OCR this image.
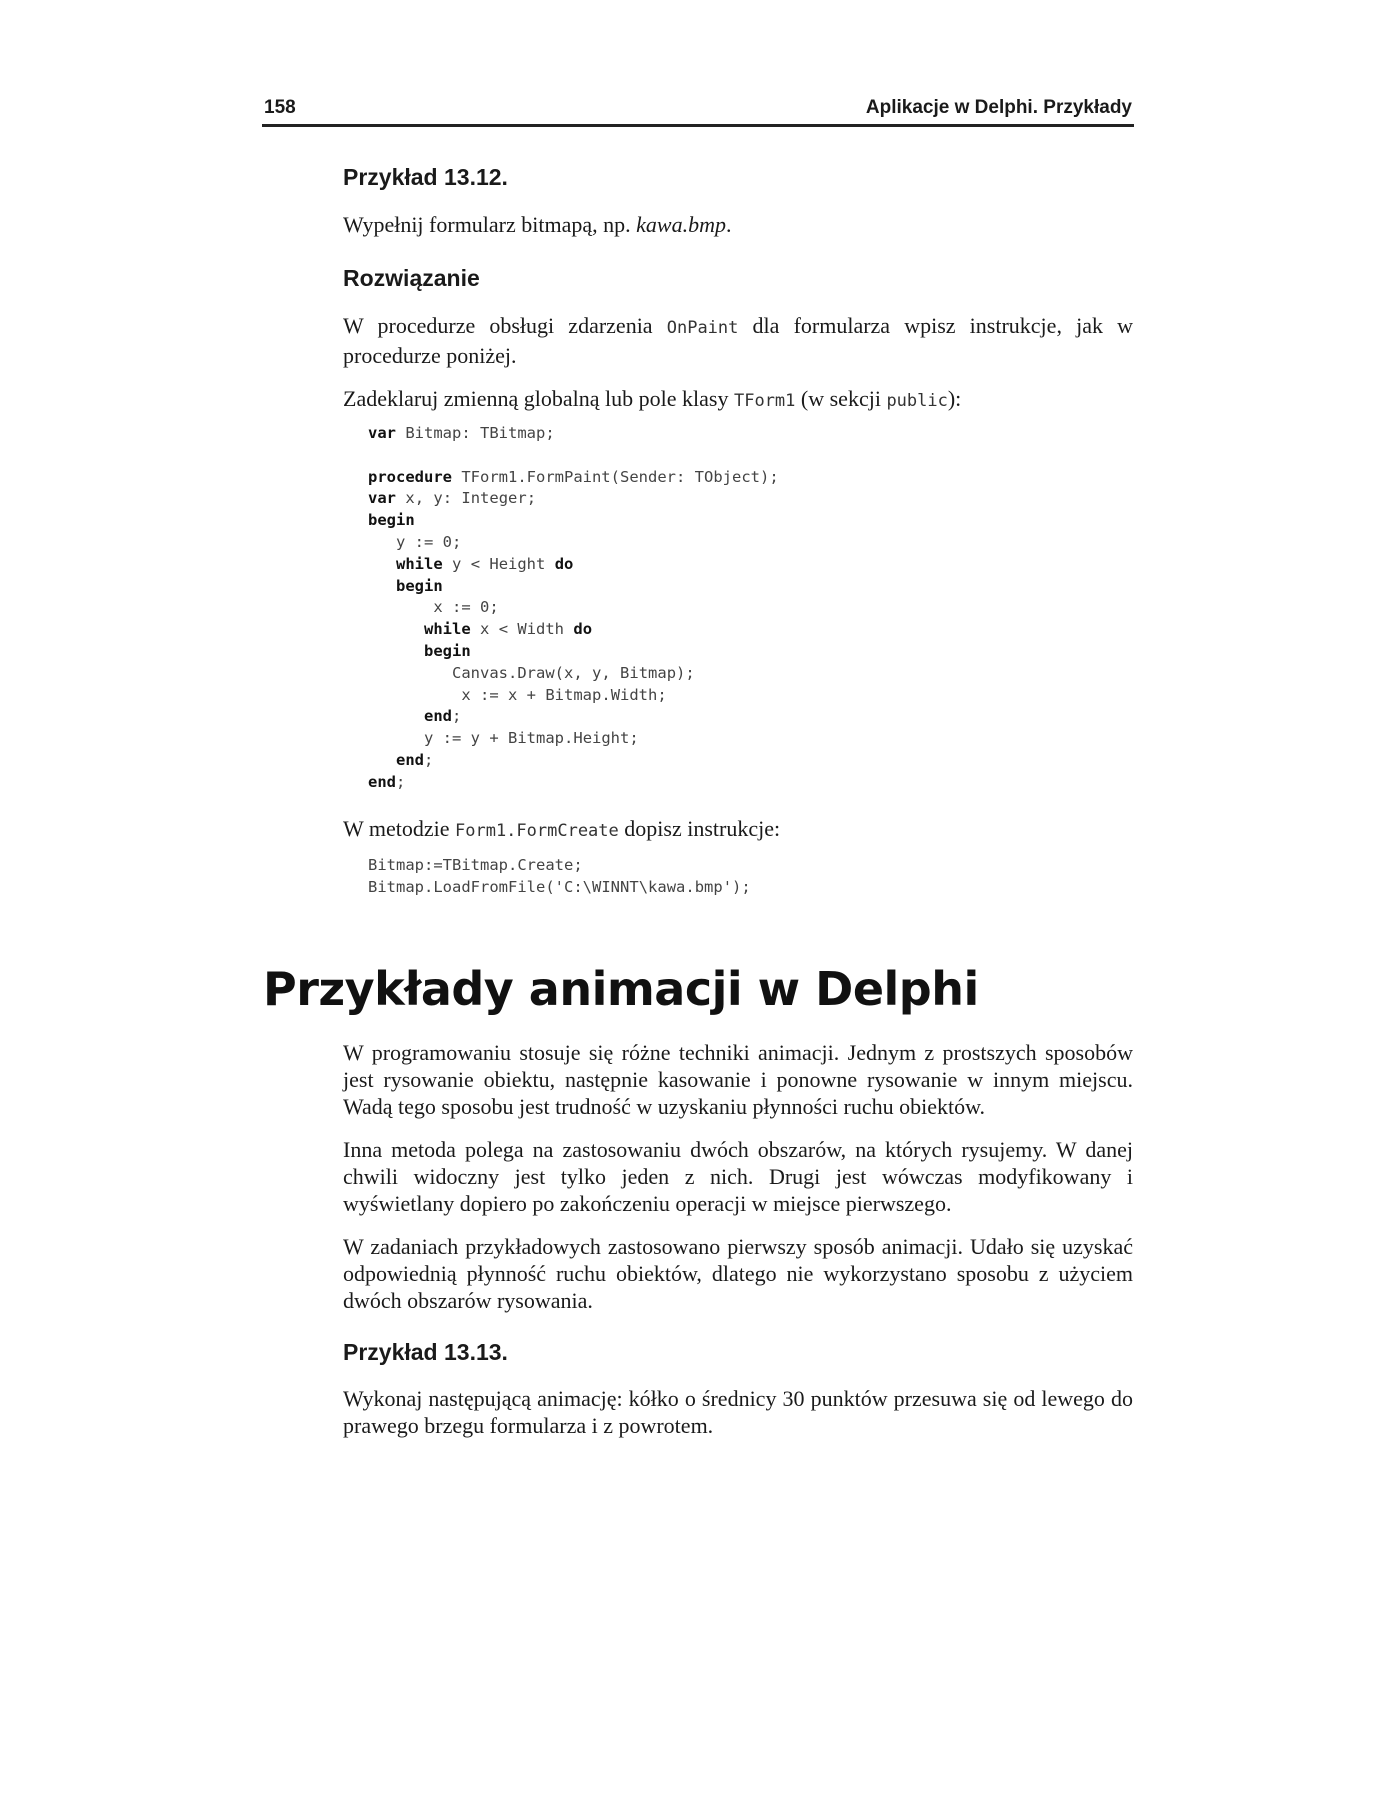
158	Aplikacje w Delphi. Przykłady
Przykład 13.12.

Wypełnij formularz bitmapą, np. kawa.bmp.

Rozwiązanie

W procedurze obsługi zdarzenia OnPaint dla formularza wpisz instrukcje, jak w procedurze poniżej.

Zadeklaruj zmienną globalną lub pole klasy TForm1 (w sekcji public):

var Bitmap: TBitmap;

procedure TForm1.FormPaint(Sender: TObject);
var x, y: Integer;
begin
y := 0;
while y < Height do
begin
x := 0;
while x < Width do
begin
Canvas.Draw(x, y, Bitmap);
x := x + Bitmap.Width;
end;
y := y + Bitmap.Height;
end;
end;

W metodzie Form1.FormCreate dopisz instrukcje:

Bitmap:=TBitmap.Create;
Bitmap.LoadFromFile('C:\WINNT\kawa.bmp');
Przykłady animacji w Delphi

W programowaniu stosuje się różne techniki animacji. Jednym z prostszych sposobów jest rysowanie obiektu, następnie kasowanie i ponowne rysowanie w innym miejscu. Wadą tego sposobu jest trudność w uzyskaniu płynności ruchu obiektów.

Inna metoda polega na zastosowaniu dwóch obszarów, na których rysujemy. W danej chwili widoczny jest tylko jeden z nich. Drugi jest wówczas modyfikowany i wyświetlany dopiero po zakończeniu operacji w miejsce pierwszego.

W zadaniach przykładowych zastosowano pierwszy sposób animacji. Udało się uzyskać odpowiednią płynność ruchu obiektów, dlatego nie wykorzystano sposobu z użyciem dwóch obszarów rysowania.

Przykład 13.13.

Wykonaj następującą animację: kółko o średnicy 30 punktów przesuwa się od lewego do prawego brzegu formularza i z powrotem.
